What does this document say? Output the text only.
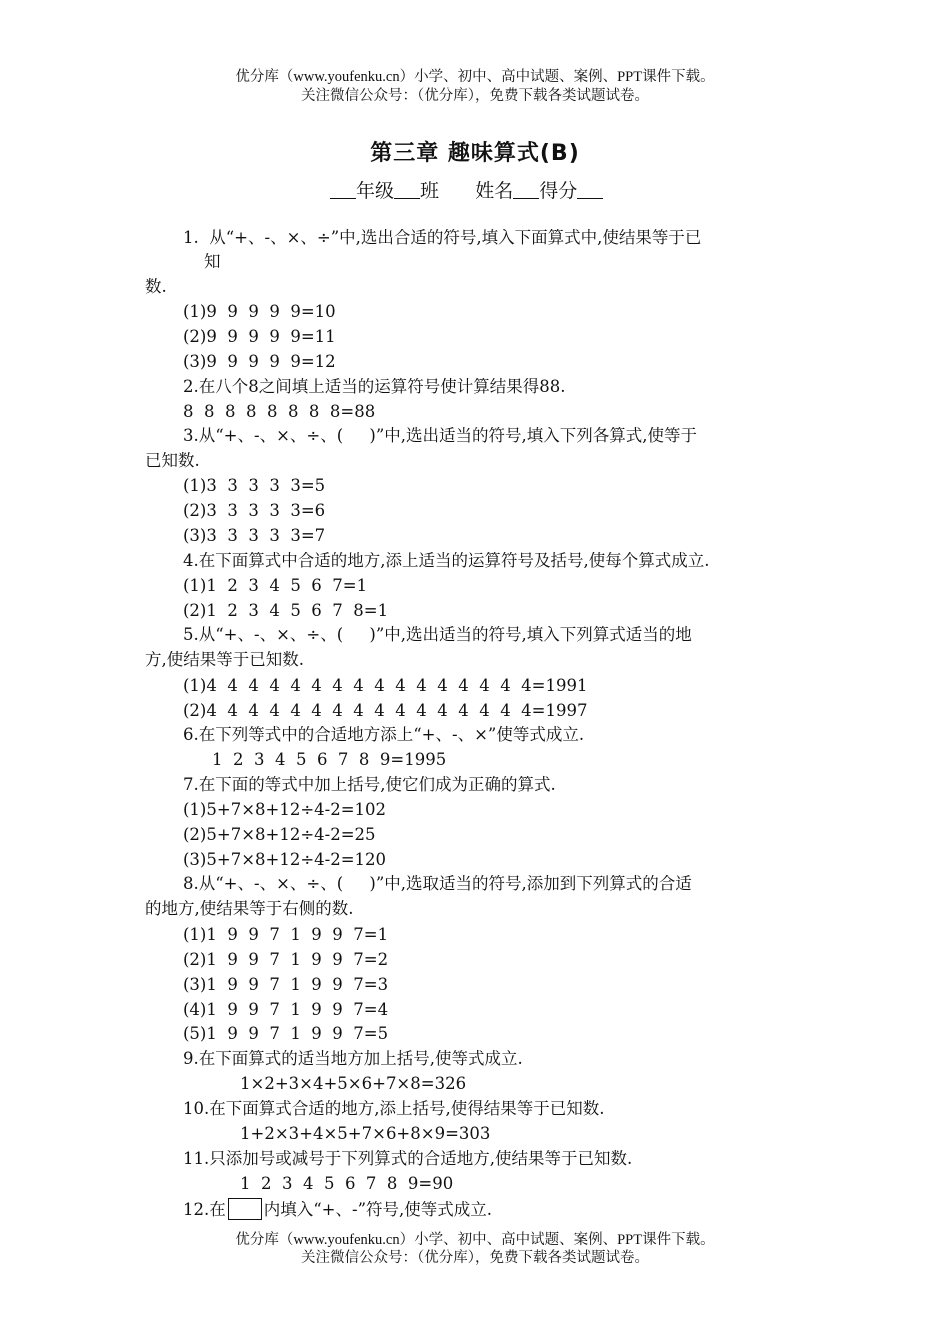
优分库（www.youfenku.cn）小学、初中、高中试题、案例、PPT课件下载。
关注微信公众号：（优分库），免费下载各类试题试卷。
第三章 趣味算式(B)
年级 班 姓名 得分
1.  从“+、-、×、÷”中,选出合适的符号,填入下面算式中,使结果等于已
知
数.
(1)9  9  9  9  9=10
(2)9  9  9  9  9=11
(3)9  9  9  9  9=12
2.在八个8之间填上适当的运算符号使计算结果得88.
8  8  8  8  8  8  8  8=88
3.从“+、-、×、÷、(     )”中,选出适当的符号,填入下列各算式,使等于
已知数.
(1)3  3  3  3  3=5
(2)3  3  3  3  3=6
(3)3  3  3  3  3=7
4.在下面算式中合适的地方,添上适当的运算符号及括号,使每个算式成立.
(1)1  2  3  4  5  6  7=1
(2)1  2  3  4  5  6  7  8=1
5.从“+、-、×、÷、(     )”中,选出适当的符号,填入下列算式适当的地
方,使结果等于已知数.
(1)4  4  4  4  4  4  4  4  4  4  4  4  4  4  4  4=1991
(2)4  4  4  4  4  4  4  4  4  4  4  4  4  4  4  4=1997
6.在下列等式中的合适地方添上“+、-、×”使等式成立.
1  2  3  4  5  6  7  8  9=1995
7.在下面的等式中加上括号,使它们成为正确的算式.
(1)5+7×8+12÷4-2=102
(2)5+7×8+12÷4-2=25
(3)5+7×8+12÷4-2=120
8.从“+、-、×、÷、(     )”中,选取适当的符号,添加到下列算式的合适
的地方,使结果等于右侧的数.
(1)1  9  9  7  1  9  9  7=1
(2)1  9  9  7  1  9  9  7=2
(3)1  9  9  7  1  9  9  7=3
(4)1  9  9  7  1  9  9  7=4
(5)1  9  9  7  1  9  9  7=5
9.在下面算式的适当地方加上括号,使等式成立.
1×2+3×4+5×6+7×8=326
10.在下面算式合适的地方,添上括号,使得结果等于已知数.
1+2×3+4×5+7×6+8×9=303
11.只添加号或减号于下列算式的合适地方,使结果等于已知数.
1  2  3  4  5  6  7  8  9=90
12.在 内填入“+、-”符号,使等式成立.
优分库（www.youfenku.cn）小学、初中、高中试题、案例、PPT课件下载。
关注微信公众号：（优分库），免费下载各类试题试卷。
